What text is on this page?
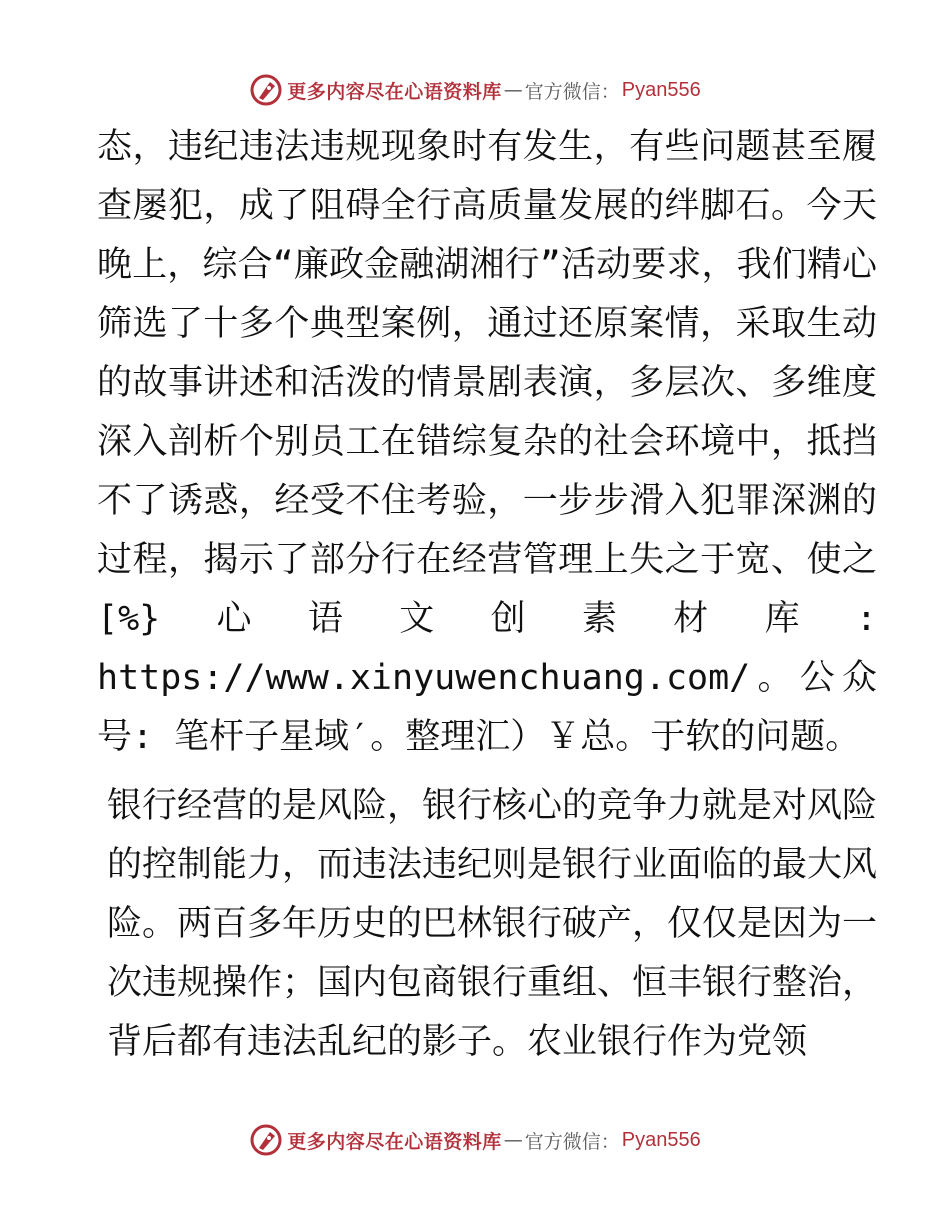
更多内容尽在心语资料库 — 官方微信： Pyan556

态，违纪违法违规现象时有发生，有些问题甚至履查屡犯，成了阻碍全行高质量发展的绊脚石。今天晚上，综合“廉政金融湖湘行”活动要求，我们精心筛选了十多个典型案例，通过还原案情，采取生动的故事讲述和活泼的情景剧表演，多层次、多维度深入剖析个别员工在错综复杂的社会环境中，抵挡不了诱惑，经受不住考验，一步步滑入犯罪深渊的过程，揭示了部分行在经营管理上失之于宽、使之[%}心语文创素材库: https://www.xinyuwenchuang.com/。公众号: 笔杆子星域′。整理汇）￥总。于软的问题。

银行经营的是风险，银行核心的竞争力就是对风险的控制能力，而违法违纪则是银行业面临的最大风险。两百多年历史的巴林银行破产，仅仅是因为一次违规操作；国内包商银行重组、恒丰银行整治，背后都有违法乱纪的影子。农业银行作为党领

更多内容尽在心语资料库 — 官方微信： Pyan556
